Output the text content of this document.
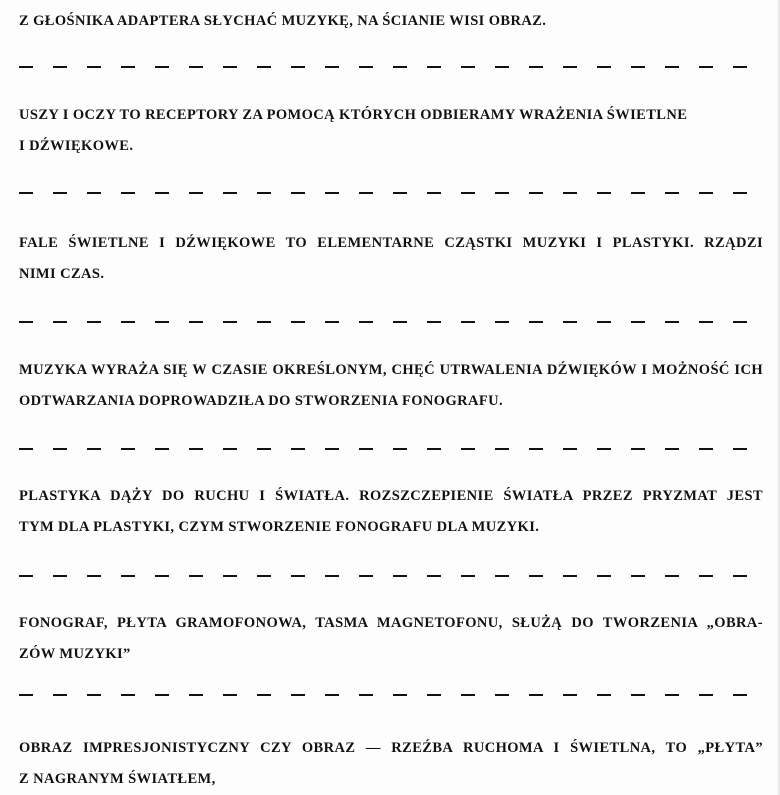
Z GŁOŚNIKA ADAPTERA SŁYCHAĆ MUZYKĘ, NA ŚCIANIE WISI OBRAZ.

USZY I OCZY TO RECEPTORY ZA POMOCĄ KTÓRYCH ODBIERAMY WRAŻENIA ŚWIETLNE
I DŹWIĘKOWE.

FALE ŚWIETLNE I DŹWIĘKOWE TO ELEMENTARNE CZĄSTKI MUZYKI I PLASTYKI. RZĄDZI
NIMI CZAS.

MUZYKA WYRAŻA SIĘ W CZASIE OKREŚLONYM, CHĘĆ UTRWALENIA DŹWIĘKÓW I MOŻNOŚĆ ICH
ODTWARZANIA DOPROWADZIŁA DO STWORZENIA FONOGRAFU.

PLASTYKA DĄŻY DO RUCHU I ŚWIATŁA. ROZSZCZEPIENIE ŚWIATŁA PRZEZ PRYZMAT JEST
TYM DLA PLASTYKI, CZYM STWORZENIE FONOGRAFU DLA MUZYKI.

FONOGRAF, PŁYTA GRAMOFONOWA, TASMA MAGNETOFONU, SŁUŻĄ DO TWORZENIA „OBRA-
ZÓW MUZYKI”

OBRAZ IMPRESJONISTYCZNY CZY OBRAZ — RZEŹBA RUCHOMA I ŚWIETLNA, TO „PŁYTA”
Z NAGRANYM ŚWIATŁEM,
